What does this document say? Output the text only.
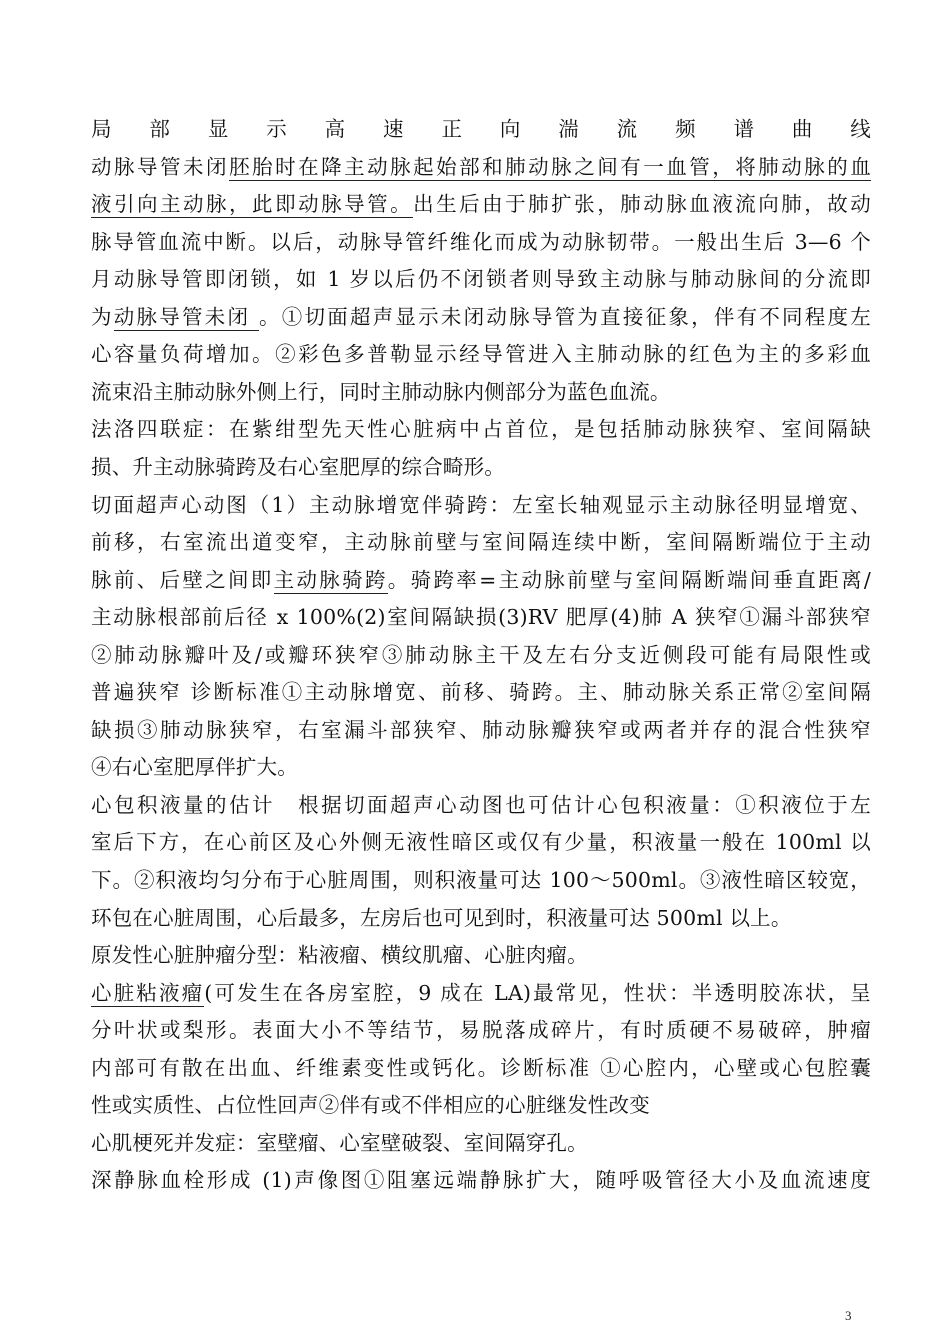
局部显示高速正向湍流频谱曲线
动脉导管未闭胚胎时在降主动脉起始部和肺动脉之间有一血管，将肺动脉的血
液引向主动脉，此即动脉导管。出生后由于肺扩张，肺动脉血液流向肺，故动
脉导管血流中断。以后，动脉导管纤维化而成为动脉韧带。一般出生后 3—6 个
月动脉导管即闭锁，如 1 岁以后仍不闭锁者则导致主动脉与肺动脉间的分流即
为动脉导管未闭 。①切面超声显示未闭动脉导管为直接征象，伴有不同程度左
心容量负荷增加。②彩色多普勒显示经导管进入主肺动脉的红色为主的多彩血
流束沿主肺动脉外侧上行，同时主肺动脉内侧部分为蓝色血流。
法洛四联症：在紫绀型先天性心脏病中占首位，是包括肺动脉狭窄、室间隔缺
损、升主动脉骑跨及右心室肥厚的综合畸形。
切面超声心动图（1）主动脉增宽伴骑跨：左室长轴观显示主动脉径明显增宽、
前移，右室流出道变窄，主动脉前壁与室间隔连续中断，室间隔断端位于主动
脉前、后壁之间即主动脉骑跨。骑跨率=主动脉前壁与室间隔断端间垂直距离/
主动脉根部前后径 x 100%(2)室间隔缺损(3)RV 肥厚(4)肺 A 狭窄①漏斗部狭窄
②肺动脉瓣叶及/或瓣环狭窄③肺动脉主干及左右分支近侧段可能有局限性或
普遍狭窄 诊断标准①主动脉增宽、前移、骑跨。主、肺动脉关系正常②室间隔
缺损③肺动脉狭窄，右室漏斗部狭窄、肺动脉瓣狭窄或两者并存的混合性狭窄
④右心室肥厚伴扩大。
心包积液量的估计　根据切面超声心动图也可估计心包积液量：①积液位于左
室后下方，在心前区及心外侧无液性暗区或仅有少量，积液量一般在 100ml 以
下。②积液均匀分布于心脏周围，则积液量可达 100～500ml。③液性暗区较宽，
环包在心脏周围，心后最多，左房后也可见到时，积液量可达 500ml 以上。
原发性心脏肿瘤分型：粘液瘤、横纹肌瘤、心脏肉瘤。
心脏粘液瘤(可发生在各房室腔，9 成在 LA)最常见，性状：半透明胶冻状，呈
分叶状或梨形。表面大小不等结节，易脱落成碎片，有时质硬不易破碎，肿瘤
内部可有散在出血、纤维素变性或钙化。诊断标准 ①心腔内，心壁或心包腔囊
性或实质性、占位性回声②伴有或不伴相应的心脏继发性改变
心肌梗死并发症：室壁瘤、心室壁破裂、室间隔穿孔。
深静脉血栓形成 (1)声像图①阻塞远端静脉扩大，随呼吸管径大小及血流速度
3
